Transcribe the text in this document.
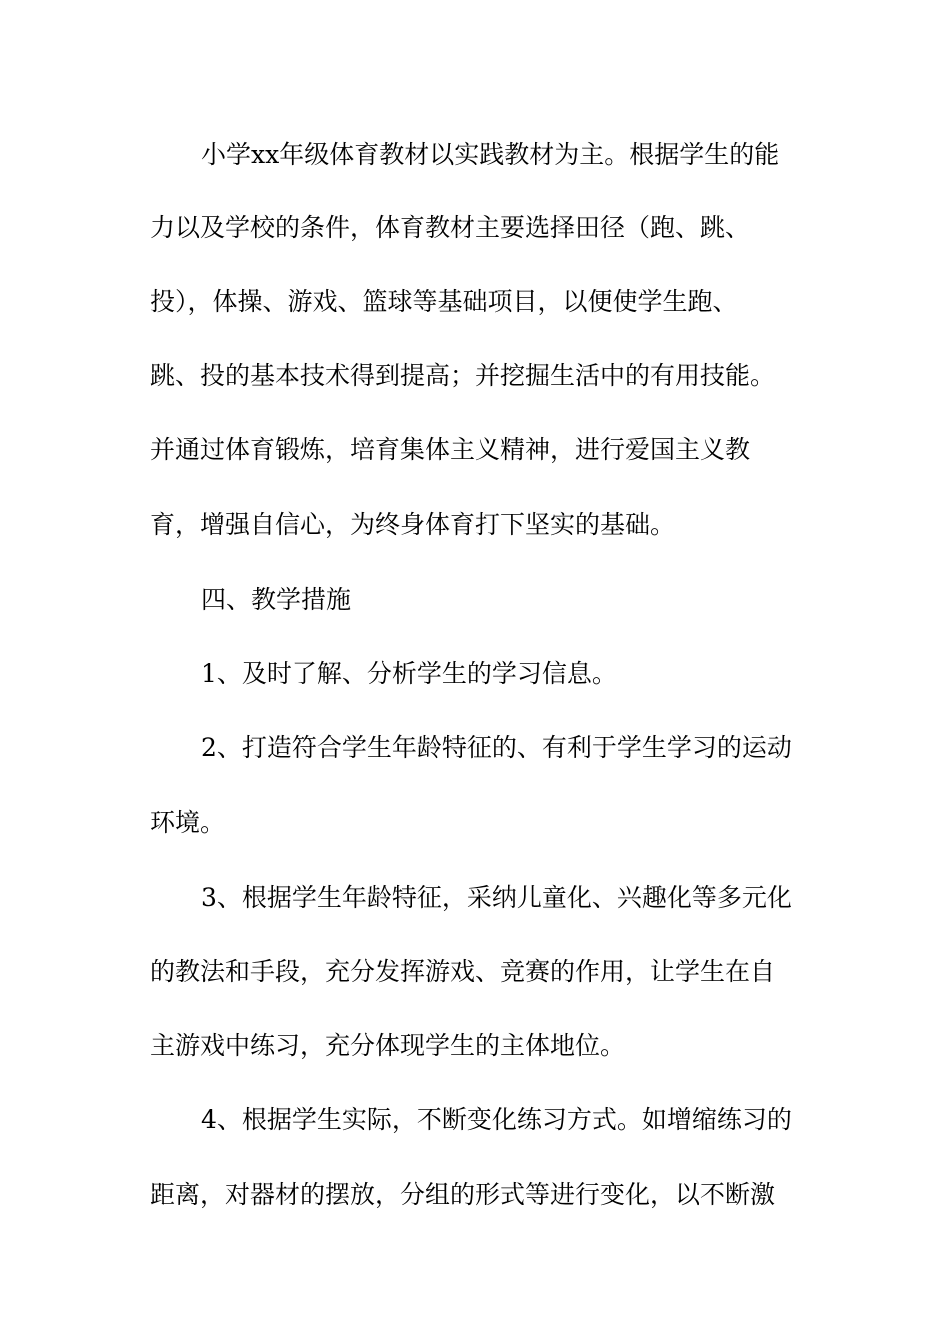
小学xx年级体育教材以实践教材为主。根据学生的能

力以及学校的条件，体育教材主要选择田径（跑、跳、

投），体操、游戏、篮球等基础项目，以便使学生跑、

跳、投的基本技术得到提高；并挖掘生活中的有用技能。

并通过体育锻炼，培育集体主义精神，进行爱国主义教

育，增强自信心，为终身体育打下坚实的基础。

四、教学措施

1、及时了解、分析学生的学习信息。

2、打造符合学生年龄特征的、有利于学生学习的运动

环境。

3、根据学生年龄特征，采纳儿童化、兴趣化等多元化

的教法和手段，充分发挥游戏、竞赛的作用，让学生在自

主游戏中练习，充分体现学生的主体地位。

4、根据学生实际，不断变化练习方式。如增缩练习的

距离，对器材的摆放，分组的形式等进行变化，以不断激
